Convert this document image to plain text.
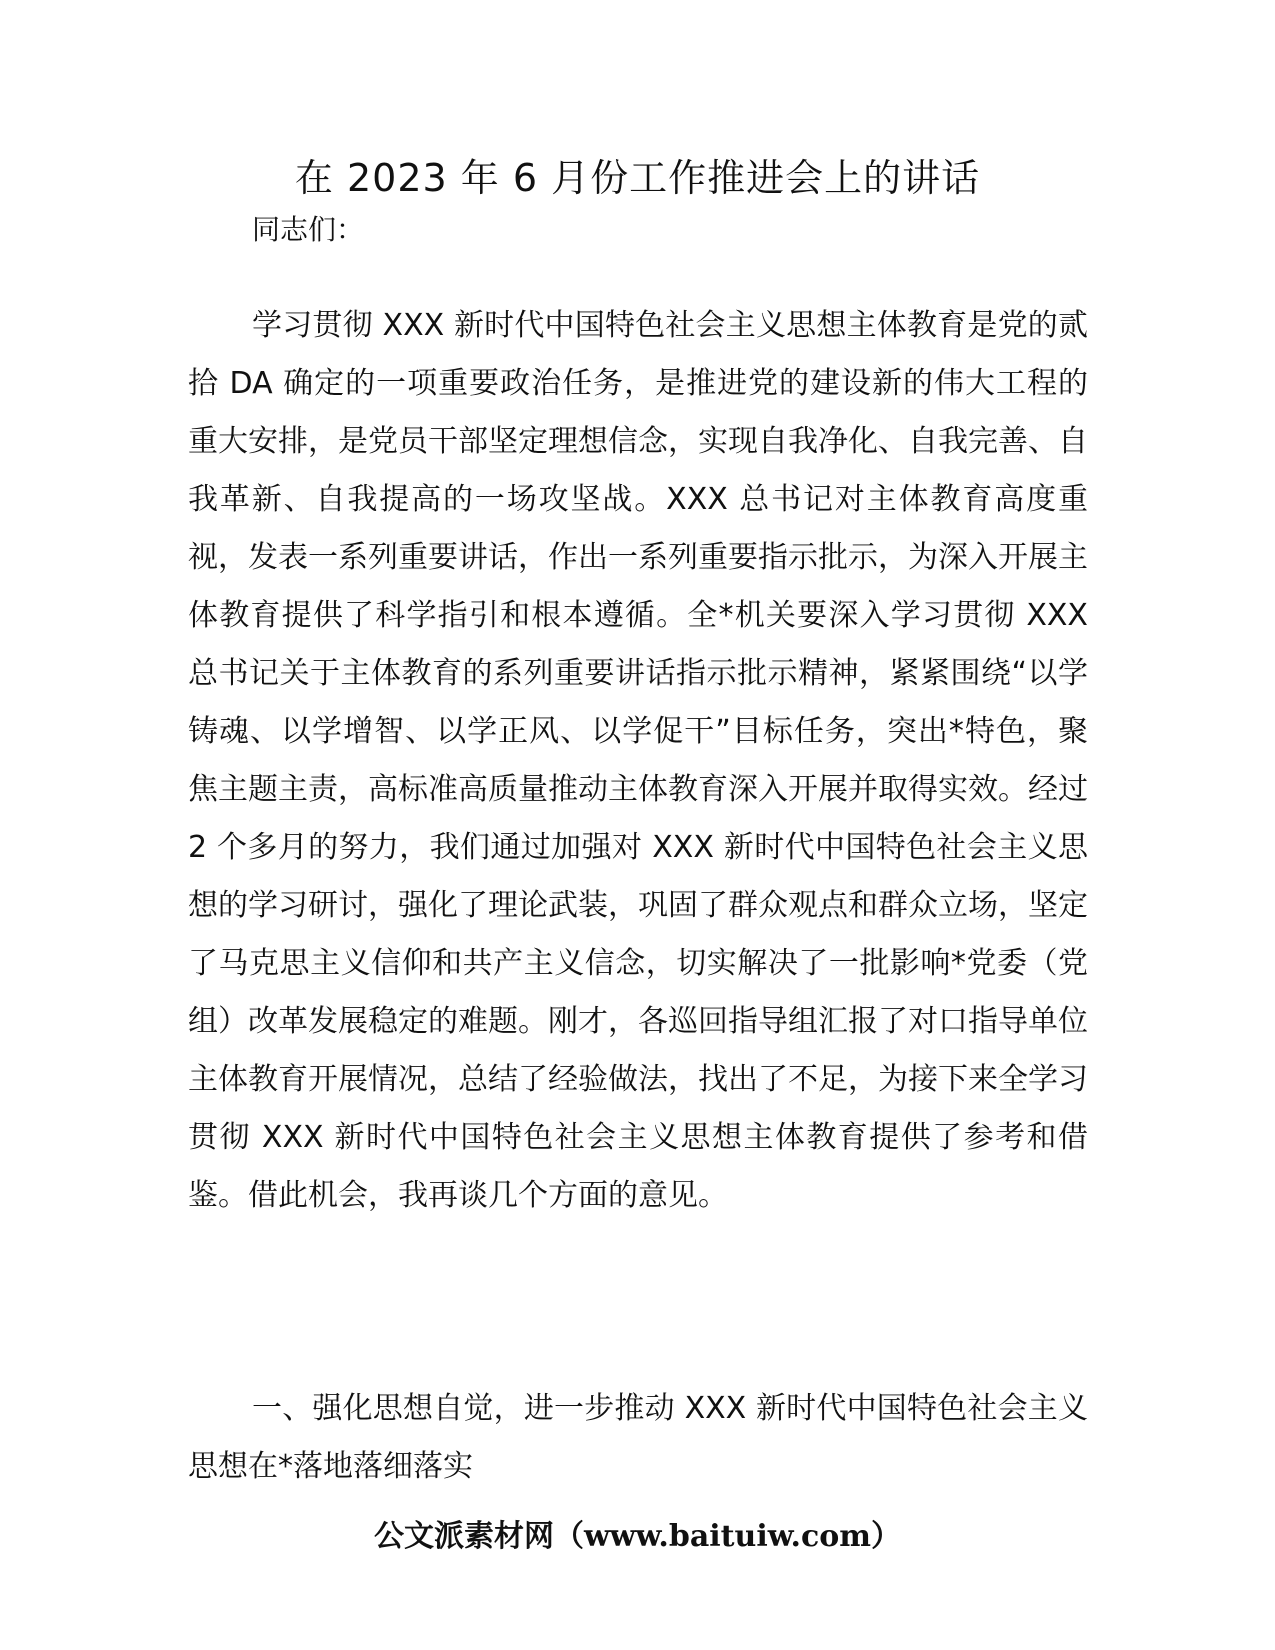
在 2023 年 6 月份工作推进会上的讲话
同志们：
学习贯彻 XXX 新时代中国特色社会主义思想主体教育是党的贰拾 DA 确定的一项重要政治任务，是推进党的建设新的伟大工程的重大安排，是党员干部坚定理想信念，实现自我净化、自我完善、自我革新、自我提高的一场攻坚战。XXX 总书记对主体教育高度重视，发表一系列重要讲话，作出一系列重要指示批示，为深入开展主体教育提供了科学指引和根本遵循。全*机关要深入学习贯彻 XXX 总书记关于主体教育的系列重要讲话指示批示精神，紧紧围绕“以学铸魂、以学增智、以学正风、以学促干”目标任务，突出*特色，聚焦主题主责，高标准高质量推动主体教育深入开展并取得实效。经过 2 个多月的努力，我们通过加强对 XXX 新时代中国特色社会主义思想的学习研讨，强化了理论武装，巩固了群众观点和群众立场，坚定了马克思主义信仰和共产主义信念，切实解决了一批影响*党委（党组）改革发展稳定的难题。刚才，各巡回指导组汇报了对口指导单位主体教育开展情况，总结了经验做法，找出了不足，为接下来全学习贯彻 XXX 新时代中国特色社会主义思想主体教育提供了参考和借鉴。借此机会，我再谈几个方面的意见。
一、强化思想自觉，进一步推动 XXX 新时代中国特色社会主义思想在*落地落细落实
公文派素材网（www.baituiw.com）
